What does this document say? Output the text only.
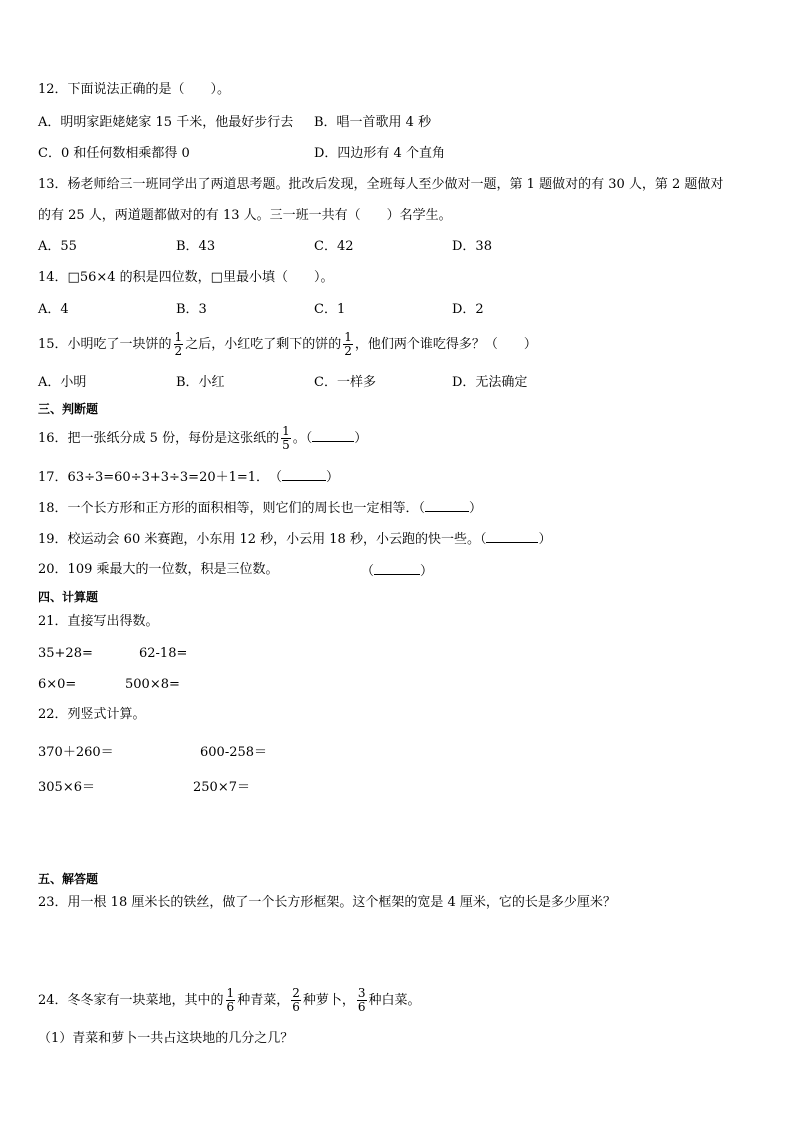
12．下面说法正确的是（　　）。
A．明明家距姥姥家 15 千米，他最好步行去 B．唱一首歌用 4 秒
C．0 和任何数相乘都得 0	D．四边形有 4 个直角
13．杨老师给三一班同学出了两道思考题。批改后发现，全班每人至少做对一题，第 1 题做对的有 30 人，第 2 题做对
的有 25 人，两道题都做对的有 13 人。三一班一共有（　　）名学生。
A．55	B．43	C．42	D．38
14．□56×4 的积是四位数，□里最小填（　　）。
A．4	B．3	C．1	D．2
15．小明吃了一块饼的 $\frac{1}{2}$ 之后，小红吃了剩下的饼的 $\frac{1}{2}$ ，他们两个谁吃得多？（　　）
A．小明	B．小红	C．一样多	D．无法确定
三、判断题
16．把一张纸分成 5 份，每份是这张纸的 $\frac{1}{5}$ 。（	）
17．63÷3=60÷3+3÷3=20＋1=1．　（	）
18．一个长方形和正方形的面积相等，则它们的周长也一定相等．（	）
19．校运动会 60 米赛跑，小东用 12 秒，小云用 18 秒，小云跑的快一些。（	）
20．109 乘最大的一位数，积是三位数。	（	）
四、计算题
21．直接写出得数。
35+28=	62-18=
6×0=	500×8=
22．列竖式计算。
370＋260＝	600-258＝
305×6＝	250×7＝
五、解答题
23．用一根 18 厘米长的铁丝，做了一个长方形框架。这个框架的宽是 4 厘米，它的长是多少厘米？
24．冬冬家有一块菜地，其中的 $\frac{1}{6}$ 种青菜， $\frac{2}{6}$ 种萝卜， $\frac{3}{6}$ 种白菜。
（1）青菜和萝卜一共占这块地的几分之几？
